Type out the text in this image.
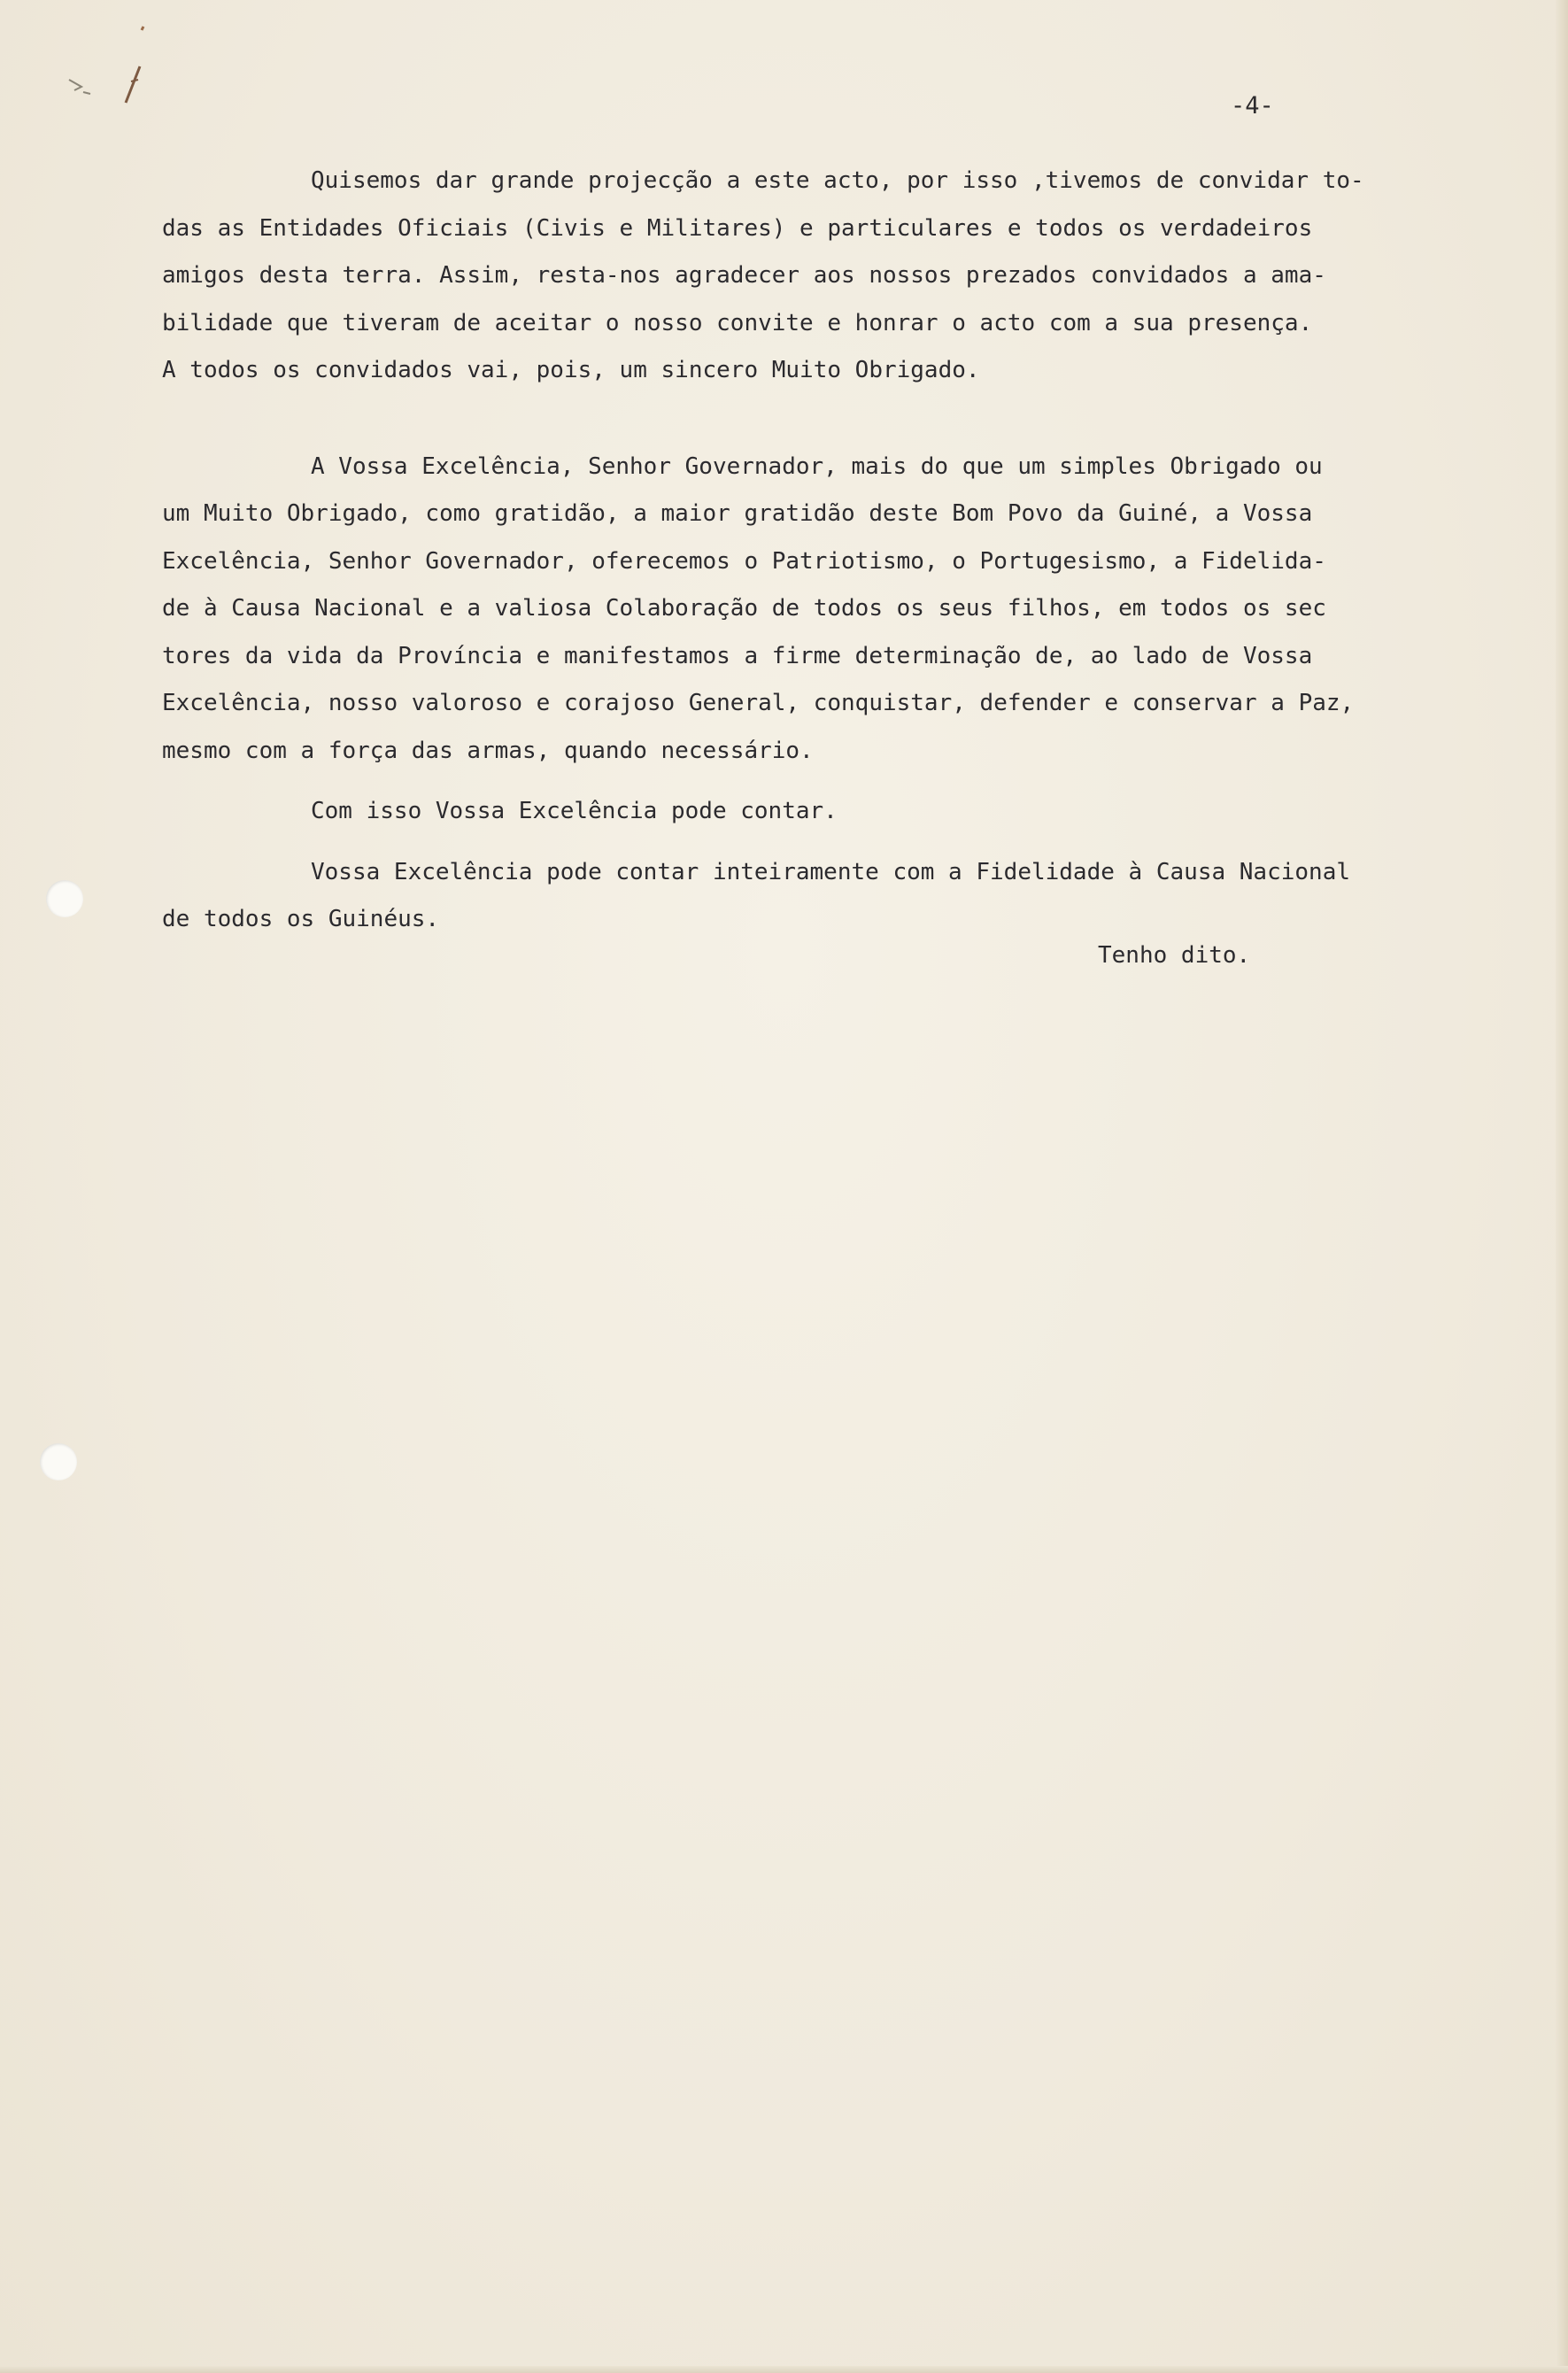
-4-

Quisemos dar grande projecção a este acto, por isso ,tivemos de convidar to-
das as Entidades Oficiais (Civis e Militares) e particulares e todos os verdadeiros
amigos desta terra. Assim, resta-nos agradecer aos nossos prezados convidados a ama-
bilidade que tiveram de aceitar o nosso convite e honrar o acto com a sua presença.
A todos os convidados vai, pois, um sincero Muito Obrigado.
A Vossa Excelência, Senhor Governador, mais do que um simples Obrigado ou
um Muito Obrigado, como gratidão, a maior gratidão deste Bom Povo da Guiné, a Vossa
Excelência, Senhor Governador, oferecemos o Patriotismo, o Portugesismo, a Fidelida-
de à Causa Nacional e a valiosa Colaboração de todos os seus filhos, em todos os sec
tores da vida da Província e manifestamos a firme determinação de, ao lado de Vossa
Excelência, nosso valoroso e corajoso General, conquistar, defender e conservar a Paz,
mesmo com a força das armas, quando necessário.
Com isso Vossa Excelência pode contar.
Vossa Excelência pode contar inteiramente com a Fidelidade à Causa Nacional
de todos os Guinéus.

Tenho dito.
